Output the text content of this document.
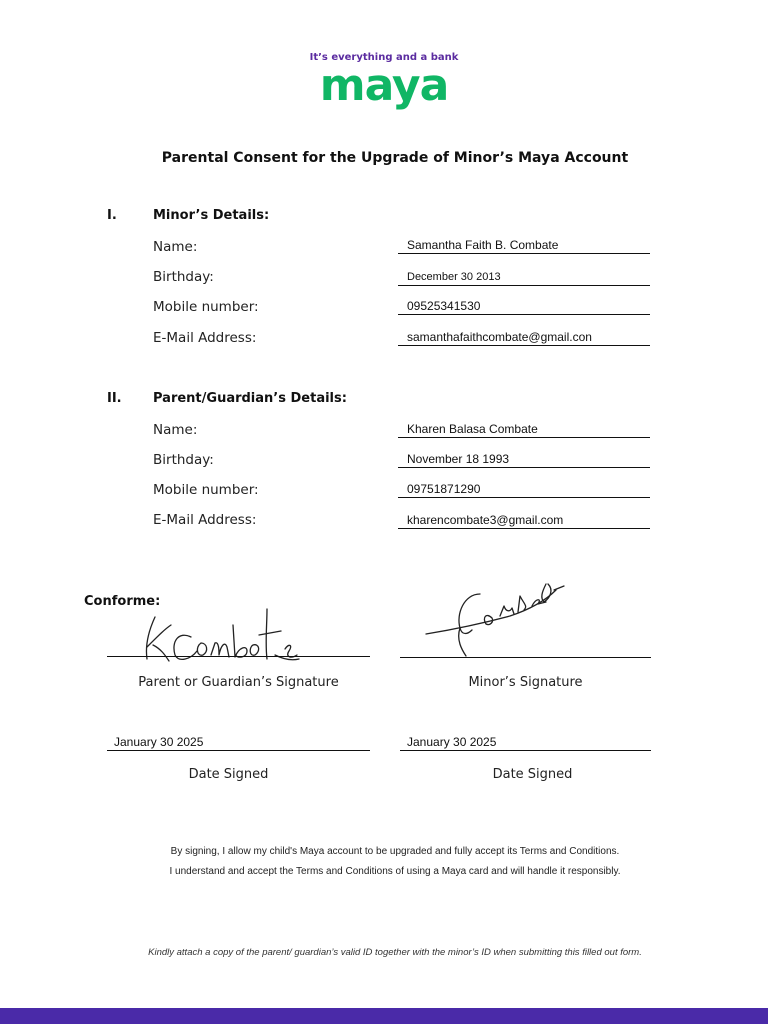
It’s everything and a bank
maya
Parental Consent for the Upgrade of Minor’s Maya Account
I.	Minor’s Details:
Name:	Samantha Faith B. Combate
Birthday:	December 30 2013
Mobile number:	09525341530
E-Mail Address:	samanthafaithcombate@gmail.con
II. Parent/Guardian’s Details:
Name:	Kharen Balasa Combate
Birthday:	November 18 1993
Mobile number:	09751871290
E-Mail Address:	kharencombate3@gmail.com
Conforme:
Parent or Guardian’s Signature	Minor’s Signature
January 30 2025
Date Signed
January 30 2025
Date Signed
By signing, I allow my child's Maya account to be upgraded and fully accept its Terms and Conditions.
I understand and accept the Terms and Conditions of using a Maya card and will handle it responsibly.
Kindly attach a copy of the parent/ guardian’s valid ID together with the minor’s ID when submitting this filled out form.
